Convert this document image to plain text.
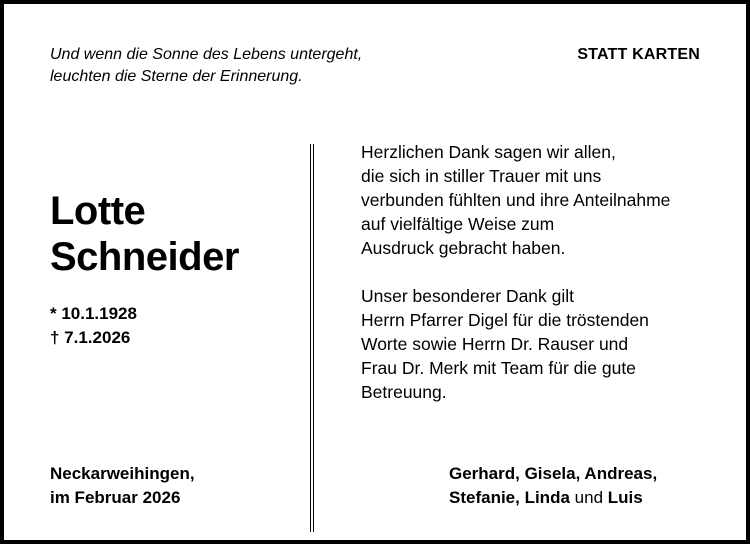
Und wenn die Sonne des Lebens untergeht,
leuchten die Sterne der Erinnerung.
STATT KARTEN
Lotte
Schneider
* 10.1.1928
† 7.1.2026
Herzlichen Dank sagen wir allen,
die sich in stiller Trauer mit uns
verbunden fühlten und ihre Anteilnahme
auf vielfältige Weise zum
Ausdruck gebracht haben.
Unser besonderer Dank gilt
Herrn Pfarrer Digel für die tröstenden
Worte sowie Herrn Dr. Rauser und
Frau Dr. Merk mit Team für die gute
Betreuung.
Neckarweihingen,
im Februar 2026
Gerhard, Gisela, Andreas,
Stefanie, Linda und Luis
